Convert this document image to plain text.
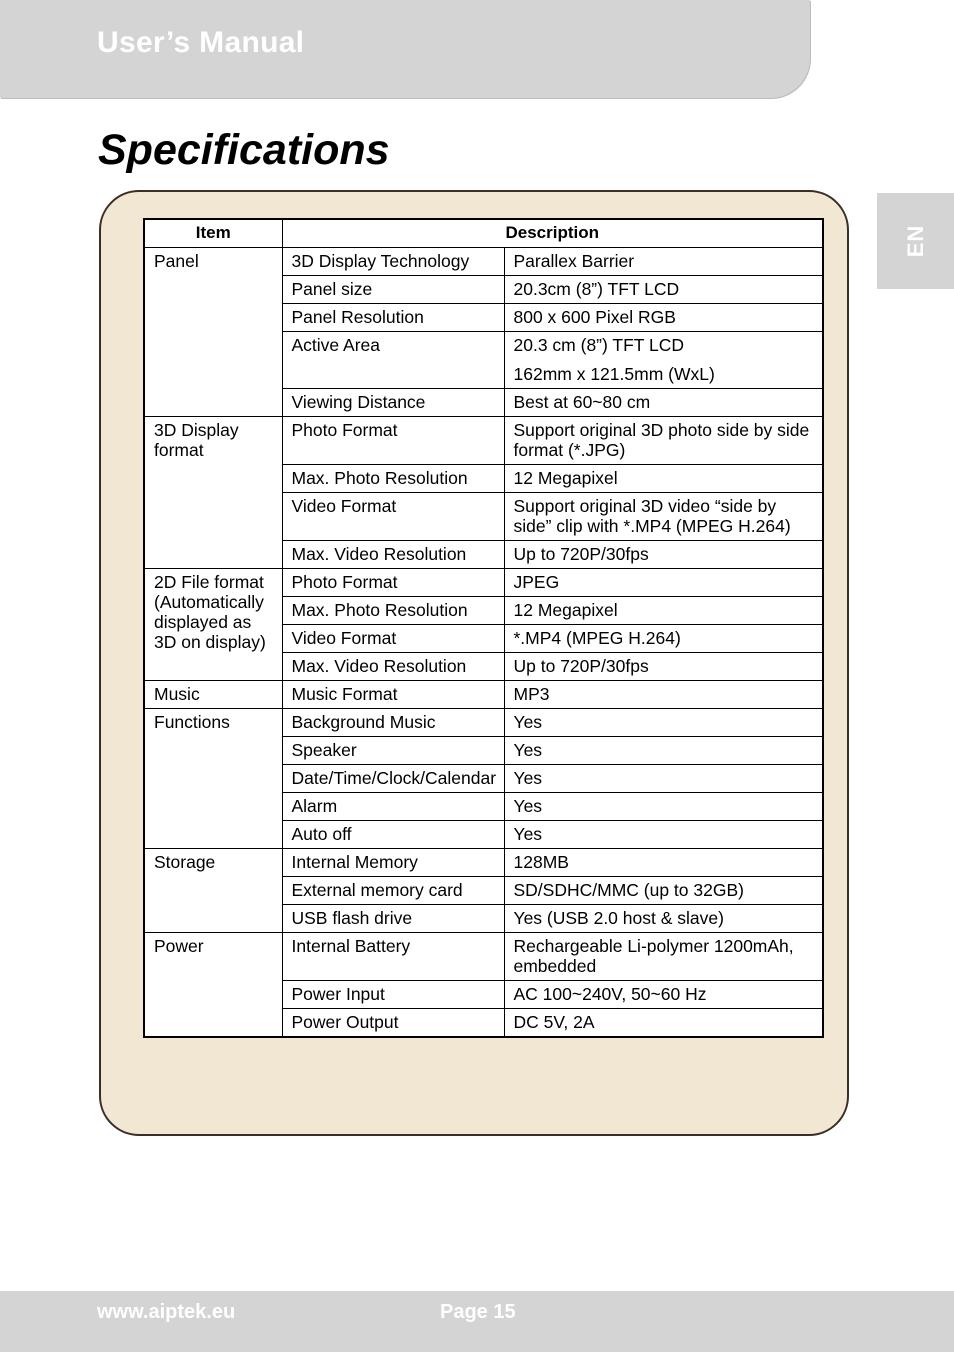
User’s Manual
Specifications
EN
Item	Description	
Panel	3D Display Technology	Parallex Barrier
	Panel size	20.3cm (8”) TFT LCD
	Panel Resolution	800 x 600 Pixel RGB
	Active Area	20.3 cm (8”) TFT LCD
162mm x 121.5mm (WxL)

	Viewing Distance	Best at 60~80 cm
3D Display format	Photo Format	Support original 3D photo side by side format (*.JPG)
	Max. Photo Resolution	12 Megapixel
	Video Format	Support original 3D video “side by side” clip with *.MP4 (MPEG H.264)
	Max. Video Resolution	Up to 720P/30fps
2D File format (Automatically displayed as 3D on display)	Photo Format	JPEG
	Max. Photo Resolution	12 Megapixel
	Video Format	*.MP4 (MPEG H.264)
	Max. Video Resolution	Up to 720P/30fps
Music	Music Format	MP3
Functions	Background Music	Yes
	Speaker	Yes
	Date/Time/Clock/Calendar	Yes
	Alarm	Yes
	Auto off	Yes
Storage	Internal Memory	128MB
	External memory card	SD/SDHC/MMC (up to 32GB)
	USB flash drive	Yes (USB 2.0 host & slave)
Power	Internal Battery	Rechargeable Li-polymer 1200mAh, embedded
	Power Input	AC 100~240V, 50~60 Hz
	Power Output	DC 5V, 2A
www.aiptek.eu	Page 15
